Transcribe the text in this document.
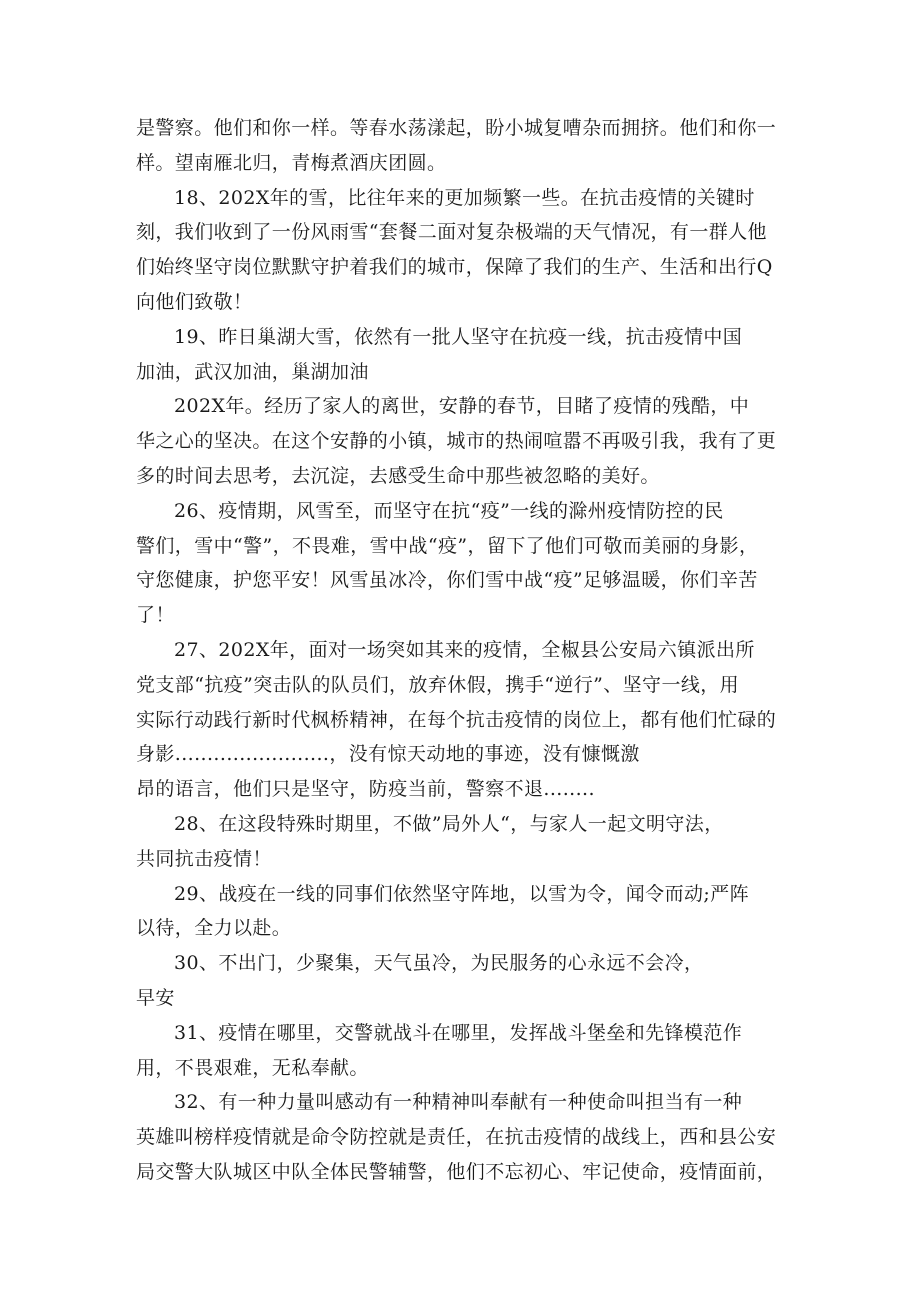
是警察。他们和你一样。等春水荡漾起，盼小城复嘈杂而拥挤。他们和你一
样。望南雁北归，青梅煮酒庆团圆。
18、202X年的雪，比往年来的更加频繁一些。在抗击疫情的关键时
刻，我们收到了一份风雨雪“套餐二面对复杂极端的天气情况，有一群人他
们始终坚守岗位默默守护着我们的城市，保障了我们的生产、生活和出行Q
向他们致敬！
19、昨日巢湖大雪，依然有一批人坚守在抗疫一线，抗击疫情中国
加油，武汉加油，巢湖加油
202X年。经历了家人的离世，安静的春节，目睹了疫情的残酷，中
华之心的坚决。在这个安静的小镇，城市的热闹喧嚣不再吸引我，我有了更
多的时间去思考，去沉淀，去感受生命中那些被忽略的美好。
26、疫情期，风雪至，而坚守在抗“疫”一线的滁州疫情防控的民
警们，雪中“警”，不畏难，雪中战“疫”，留下了他们可敬而美丽的身影，
守您健康，护您平安！风雪虽冰冷，你们雪中战“疫”足够温暖，你们辛苦
了！
27、202X年，面对一场突如其来的疫情，全椒县公安局六镇派出所
党支部“抗疫”突击队的队员们，放弃休假，携手“逆行”、坚守一线，用
实际行动践行新时代枫桥精神，在每个抗击疫情的岗位上，都有他们忙碌的
身影........................，没有惊天动地的事迹，没有慷慨激
昂的语言，他们只是坚守，防疫当前，警察不退........
28、在这段特殊时期里，不做”局外人“，与家人一起文明守法，
共同抗击疫情！
29、战疫在一线的同事们依然坚守阵地，以雪为令，闻令而动;严阵
以待，全力以赴。
30、不出门，少聚集，天气虽冷，为民服务的心永远不会冷，
早安
31、疫情在哪里，交警就战斗在哪里，发挥战斗堡垒和先锋模范作
用，不畏艰难，无私奉献。
32、有一种力量叫感动有一种精神叫奉献有一种使命叫担当有一种
英雄叫榜样疫情就是命令防控就是责任，在抗击疫情的战线上，西和县公安
局交警大队城区中队全体民警辅警，他们不忘初心、牢记使命，疫情面前，
